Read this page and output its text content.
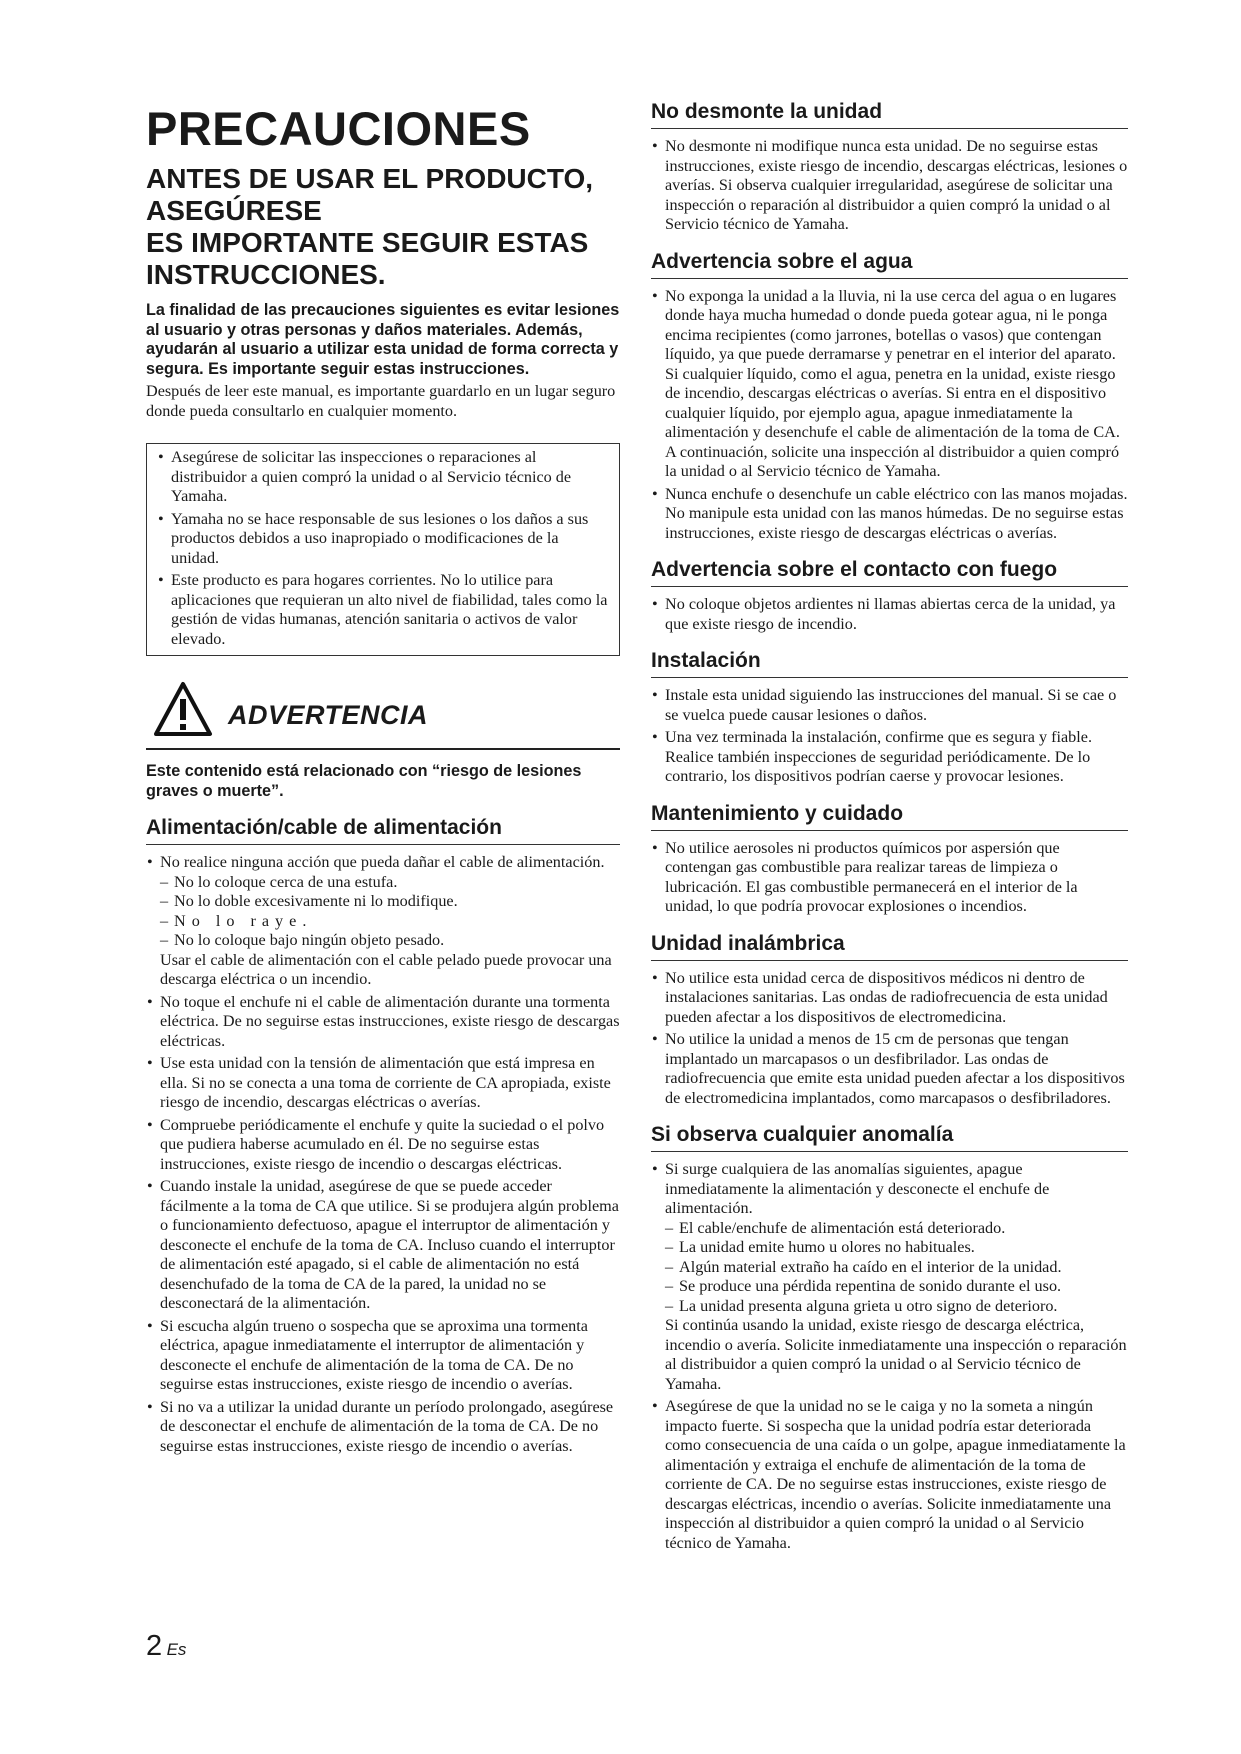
PRECAUCIONES

ANTES DE USAR EL PRODUCTO, ASEGÚRESE

ES IMPORTANTE SEGUIR ESTAS INSTRUCCIONES.

La finalidad de las precauciones siguientes es evitar lesiones al usuario y otras personas y daños materiales. Además, ayudarán al usuario a utilizar esta unidad de forma correcta y segura. Es importante seguir estas instrucciones.

Después de leer este manual, es importante guardarlo en un lugar seguro donde pueda consultarlo en cualquier momento.

• Asegúrese de solicitar las inspecciones o reparaciones al distribuidor a quien compró la unidad o al Servicio técnico de Yamaha.
• Yamaha no se hace responsable de sus lesiones o los daños a sus productos debidos a uso inapropiado o modificaciones de la unidad.
• Este producto es para hogares corrientes. No lo utilice para aplicaciones que requieran un alto nivel de fiabilidad, tales como la gestión de vidas humanas, atención sanitaria o activos de valor elevado.
ADVERTENCIA

Este contenido está relacionado con “riesgo de lesiones graves o muerte”.

Alimentación/cable de alimentación
• No realice ninguna acción que pueda dañar el cable de alimentación.
– No lo coloque cerca de una estufa.
– No lo doble excesivamente ni lo modifique.
– No lo raye.
– No lo coloque bajo ningún objeto pesado.
Usar el cable de alimentación con el cable pelado puede provocar una descarga eléctrica o un incendio.
• No toque el enchufe ni el cable de alimentación durante una tormenta eléctrica. De no seguirse estas instrucciones, existe riesgo de descargas eléctricas.
• Use esta unidad con la tensión de alimentación que está impresa en ella. Si no se conecta a una toma de corriente de CA apropiada, existe riesgo de incendio, descargas eléctricas o averías.
• Compruebe periódicamente el enchufe y quite la suciedad o el polvo que pudiera haberse acumulado en él. De no seguirse estas instrucciones, existe riesgo de incendio o descargas eléctricas.
• Cuando instale la unidad, asegúrese de que se puede acceder fácilmente a la toma de CA que utilice. Si se produjera algún problema o funcionamiento defectuoso, apague el interruptor de alimentación y desconecte el enchufe de la toma de CA. Incluso cuando el interruptor de alimentación esté apagado, si el cable de alimentación no está desenchufado de la toma de CA de la pared, la unidad no se desconectará de la alimentación.
• Si escucha algún trueno o sospecha que se aproxima una tormenta eléctrica, apague inmediatamente el interruptor de alimentación y desconecte el enchufe de alimentación de la toma de CA. De no seguirse estas instrucciones, existe riesgo de incendio o averías.
• Si no va a utilizar la unidad durante un período prolongado, asegúrese de desconectar el enchufe de alimentación de la toma de CA. De no seguirse estas instrucciones, existe riesgo de incendio o averías.
No desmonte la unidad
• No desmonte ni modifique nunca esta unidad. De no seguirse estas instrucciones, existe riesgo de incendio, descargas eléctricas, lesiones o averías. Si observa cualquier irregularidad, asegúrese de solicitar una inspección o reparación al distribuidor a quien compró la unidad o al Servicio técnico de Yamaha.
Advertencia sobre el agua
• No exponga la unidad a la lluvia, ni la use cerca del agua o en lugares donde haya mucha humedad o donde pueda gotear agua, ni le ponga encima recipientes (como jarrones, botellas o vasos) que contengan líquido, ya que puede derramarse y penetrar en el interior del aparato. Si cualquier líquido, como el agua, penetra en la unidad, existe riesgo de incendio, descargas eléctricas o averías. Si entra en el dispositivo cualquier líquido, por ejemplo agua, apague inmediatamente la alimentación y desenchufe el cable de alimentación de la toma de CA. A continuación, solicite una inspección al distribuidor a quien compró la unidad o al Servicio técnico de Yamaha.
• Nunca enchufe o desenchufe un cable eléctrico con las manos mojadas. No manipule esta unidad con las manos húmedas. De no seguirse estas instrucciones, existe riesgo de descargas eléctricas o averías.
Advertencia sobre el contacto con fuego
• No coloque objetos ardientes ni llamas abiertas cerca de la unidad, ya que existe riesgo de incendio.
Instalación
• Instale esta unidad siguiendo las instrucciones del manual. Si se cae o se vuelca puede causar lesiones o daños.
• Una vez terminada la instalación, confirme que es segura y fiable. Realice también inspecciones de seguridad periódicamente. De lo contrario, los dispositivos podrían caerse y provocar lesiones.
Mantenimiento y cuidado
• No utilice aerosoles ni productos químicos por aspersión que contengan gas combustible para realizar tareas de limpieza o lubricación. El gas combustible permanecerá en el interior de la unidad, lo que podría provocar explosiones o incendios.
Unidad inalámbrica
• No utilice esta unidad cerca de dispositivos médicos ni dentro de instalaciones sanitarias. Las ondas de radiofrecuencia de esta unidad pueden afectar a los dispositivos de electromedicina.
• No utilice la unidad a menos de 15 cm de personas que tengan implantado un marcapasos o un desfibrilador. Las ondas de radiofrecuencia que emite esta unidad pueden afectar a los dispositivos de electromedicina implantados, como marcapasos o desfibriladores.
Si observa cualquier anomalía
• Si surge cualquiera de las anomalías siguientes, apague inmediatamente la alimentación y desconecte el enchufe de alimentación.
– El cable/enchufe de alimentación está deteriorado.
– La unidad emite humo u olores no habituales.
– Algún material extraño ha caído en el interior de la unidad.
– Se produce una pérdida repentina de sonido durante el uso.
– La unidad presenta alguna grieta u otro signo de deterioro.
Si continúa usando la unidad, existe riesgo de descarga eléctrica, incendio o avería. Solicite inmediatamente una inspección o reparación al distribuidor a quien compró la unidad o al Servicio técnico de Yamaha.
• Asegúrese de que la unidad no se le caiga y no la someta a ningún impacto fuerte. Si sospecha que la unidad podría estar deteriorada como consecuencia de una caída o un golpe, apague inmediatamente la alimentación y extraiga el enchufe de alimentación de la toma de corriente de CA. De no seguirse estas instrucciones, existe riesgo de descargas eléctricas, incendio o averías. Solicite inmediatamente una inspección al distribuidor a quien compró la unidad o al Servicio técnico de Yamaha.
2 Es
